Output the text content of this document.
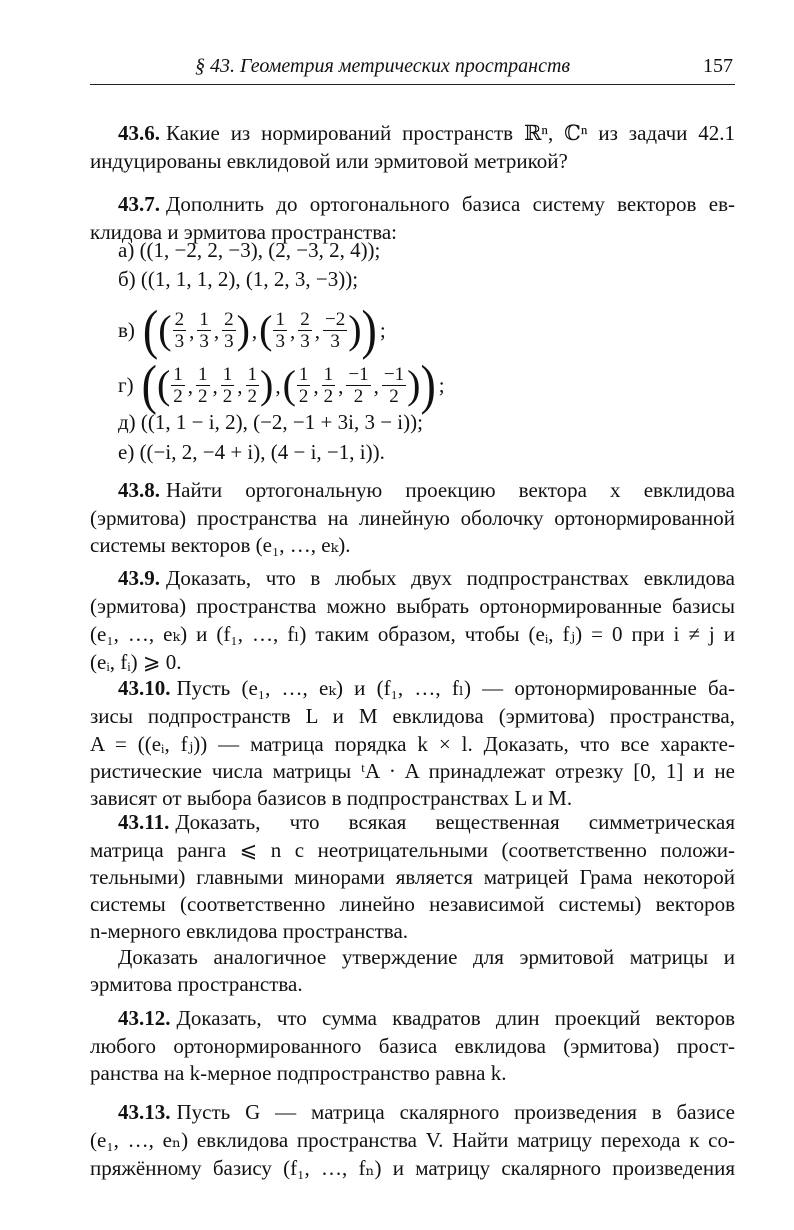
§ 43. Геометрия метрических пространств	157
в) ( ( $\frac{2}{3}$ , $\frac{1}{3}$ , $\frac{2}{3}$ ) , ( $\frac{1}{3}$ , $\frac{2}{3}$ , $\frac{-2}{3}$ ) ) ;
г) ( ( $\frac{1}{2}$ , $\frac{1}{2}$ , $\frac{1}{2}$ , $\frac{1}{2}$ ) , ( $\frac{1}{2}$ , $\frac{1}{2}$ , $\frac{-1}{2}$ , $\frac{-1}{2}$ ) ) ;
43.6. Какие из нормирований пространств ℝⁿ, ℂⁿ из задачи 42.1
индуцированы евклидовой или эрмитовой метрикой?
43.7. Дополнить до ортогонального базиса систему векторов ев-
клидова и эрмитова пространства:
а) ((1, −2, 2, −3), (2, −3, 2, 4));
б) ((1, 1, 1, 2), (1, 2, 3, −3));
д) ((1, 1 − i, 2), (−2, −1 + 3i, 3 − i));
е) ((−i, 2, −4 + i), (4 − i, −1, i)).
43.8. Найти ортогональную проекцию вектора x евклидова
(эрмитова) пространства на линейную оболочку ортонормированной
системы векторов (e₁, …, eₖ).
43.9. Доказать, что в любых двух подпространствах евклидова
(эрмитова) пространства можно выбрать ортонормированные базисы
(e₁, …, eₖ) и (f₁, …, fₗ) таким образом, чтобы (eᵢ, fⱼ) = 0 при i ≠ j и
(eᵢ, fᵢ) ⩾ 0.
43.10. Пусть (e₁, …, eₖ) и (f₁, …, fₗ) — ортонормированные ба-
зисы подпространств L и M евклидова (эрмитова) пространства,
A = ((eᵢ, fⱼ)) — матрица порядка k × l. Доказать, что все характе-
ристические числа матрицы ᵗA · A принадлежат отрезку [0, 1] и не
зависят от выбора базисов в подпространствах L и M.
43.11. Доказать, что всякая вещественная симметрическая
матрица ранга ⩽ n с неотрицательными (соответственно положи-
тельными) главными минорами является матрицей Грама некоторой
системы (соответственно линейно независимой системы) векторов
n-мерного евклидова пространства.
Доказать аналогичное утверждение для эрмитовой матрицы и
эрмитова пространства.
43.12. Доказать, что сумма квадратов длин проекций векторов
любого ортонормированного базиса евклидова (эрмитова) прост-
ранства на k-мерное подпространство равна k.
43.13. Пусть G — матрица скалярного произведения в базисе
(e₁, …, eₙ) евклидова пространства V. Найти матрицу перехода к со-
пряжённому базису (f₁, …, fₙ) и матрицу скалярного произведения
